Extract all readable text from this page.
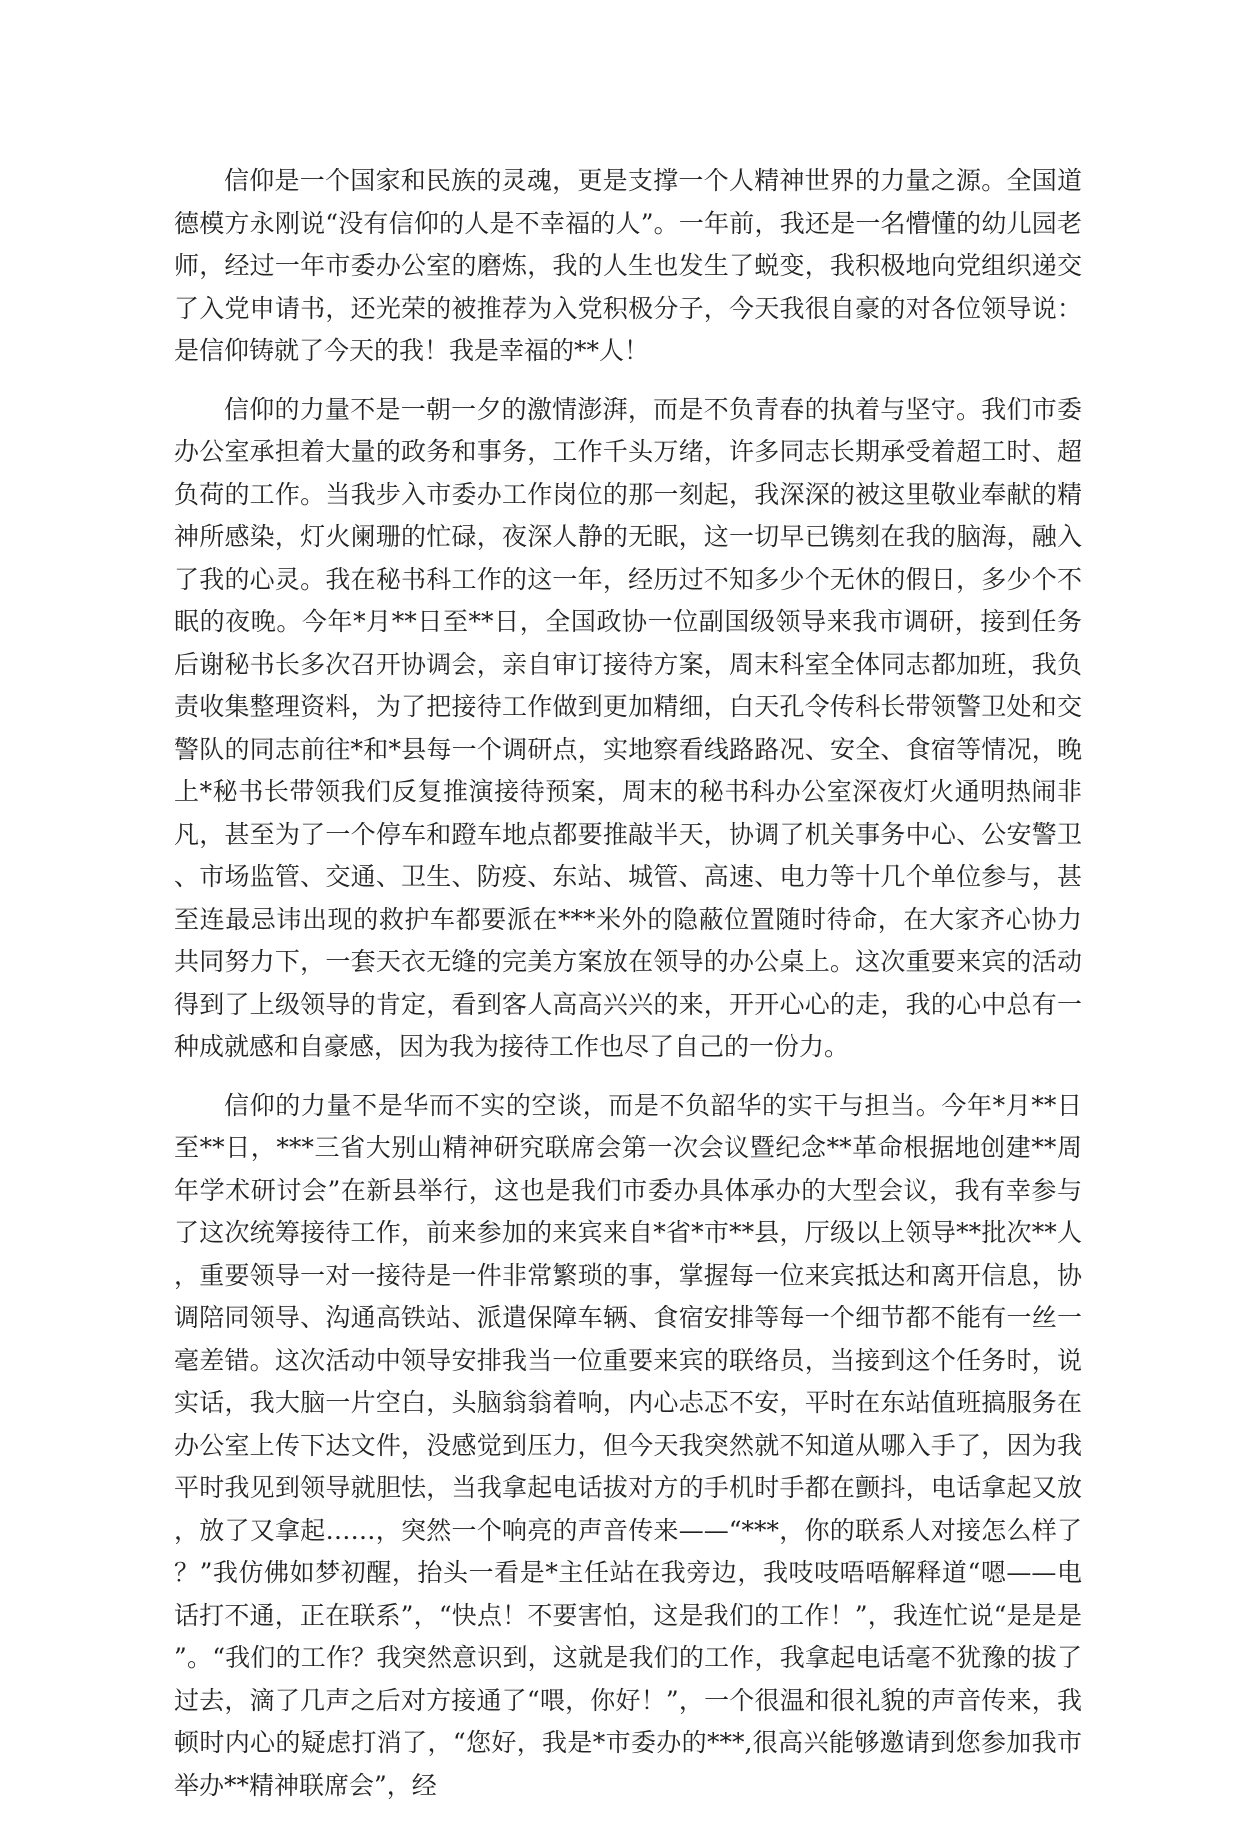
信仰是一个国家和民族的灵魂，更是支撑一个人精神世界的力量之源。全国道德模方永刚说“没有信仰的人是不幸福的人”。一年前，我还是一名懵懂的幼儿园老师，经过一年市委办公室的磨炼，我的人生也发生了蜕变，我积极地向党组织递交了入党申请书，还光荣的被推荐为入党积极分子，今天我很自豪的对各位领导说：是信仰铸就了今天的我！我是幸福的**人！

信仰的力量不是一朝一夕的激情澎湃，而是不负青春的执着与坚守。我们市委办公室承担着大量的政务和事务，工作千头万绪，许多同志长期承受着超工时、超负荷的工作。当我步入市委办工作岗位的那一刻起，我深深的被这里敬业奉献的精神所感染，灯火阑珊的忙碌，夜深人静的无眠，这一切早已镌刻在我的脑海，融入了我的心灵。我在秘书科工作的这一年，经历过不知多少个无休的假日，多少个不眠的夜晚。今年*月**日至**日，全国政协一位副国级领导来我市调研，接到任务后谢秘书长多次召开协调会，亲自审订接待方案，周末科室全体同志都加班，我负责收集整理资料，为了把接待工作做到更加精细，白天孔令传科长带领警卫处和交警队的同志前往*和*县每一个调研点，实地察看线路路况、安全、食宿等情况，晚上*秘书长带领我们反复推演接待预案，周末的秘书科办公室深夜灯火通明热闹非凡，甚至为了一个停车和蹬车地点都要推敲半天，协调了机关事务中心、公安警卫、市场监管、交通、卫生、防疫、东站、城管、高速、电力等十几个单位参与，甚至连最忌讳出现的救护车都要派在***米外的隐蔽位置随时待命，在大家齐心协力共同努力下，一套天衣无缝的完美方案放在领导的办公桌上。这次重要来宾的活动得到了上级领导的肯定，看到客人高高兴兴的来，开开心心的走，我的心中总有一种成就感和自豪感，因为我为接待工作也尽了自己的一份力。

信仰的力量不是华而不实的空谈，而是不负韶华的实干与担当。今年*月**日至**日，***三省大别山精神研究联席会第一次会议暨纪念**革命根据地创建**周年学术研讨会”在新县举行，这也是我们市委办具体承办的大型会议，我有幸参与了这次统筹接待工作，前来参加的来宾来自*省*市**县，厅级以上领导**批次**人，重要领导一对一接待是一件非常繁琐的事，掌握每一位来宾抵达和离开信息，协调陪同领导、沟通高铁站、派遣保障车辆、食宿安排等每一个细节都不能有一丝一毫差错。这次活动中领导安排我当一位重要来宾的联络员，当接到这个任务时，说实话，我大脑一片空白，头脑翁翁着响，内心忐忑不安，平时在东站值班搞服务在办公室上传下达文件，没感觉到压力，但今天我突然就不知道从哪入手了，因为我平时我见到领导就胆怯，当我拿起电话拔对方的手机时手都在颤抖，电话拿起又放，放了又拿起……，突然一个响亮的声音传来——“***，你的联系人对接怎么样了？”我仿佛如梦初醒，抬头一看是*主任站在我旁边，我吱吱唔唔解释道“嗯——电话打不通，正在联系”，“快点！不要害怕，这是我们的工作！”，我连忙说“是是是”。“我们的工作？我突然意识到，这就是我们的工作，我拿起电话毫不犹豫的拔了过去，滴了几声之后对方接通了“喂，你好！”，一个很温和很礼貌的声音传来，我顿时内心的疑虑打消了，“您好，我是*市委办的***,很高兴能够邀请到您参加我市举办**精神联席会”，经
